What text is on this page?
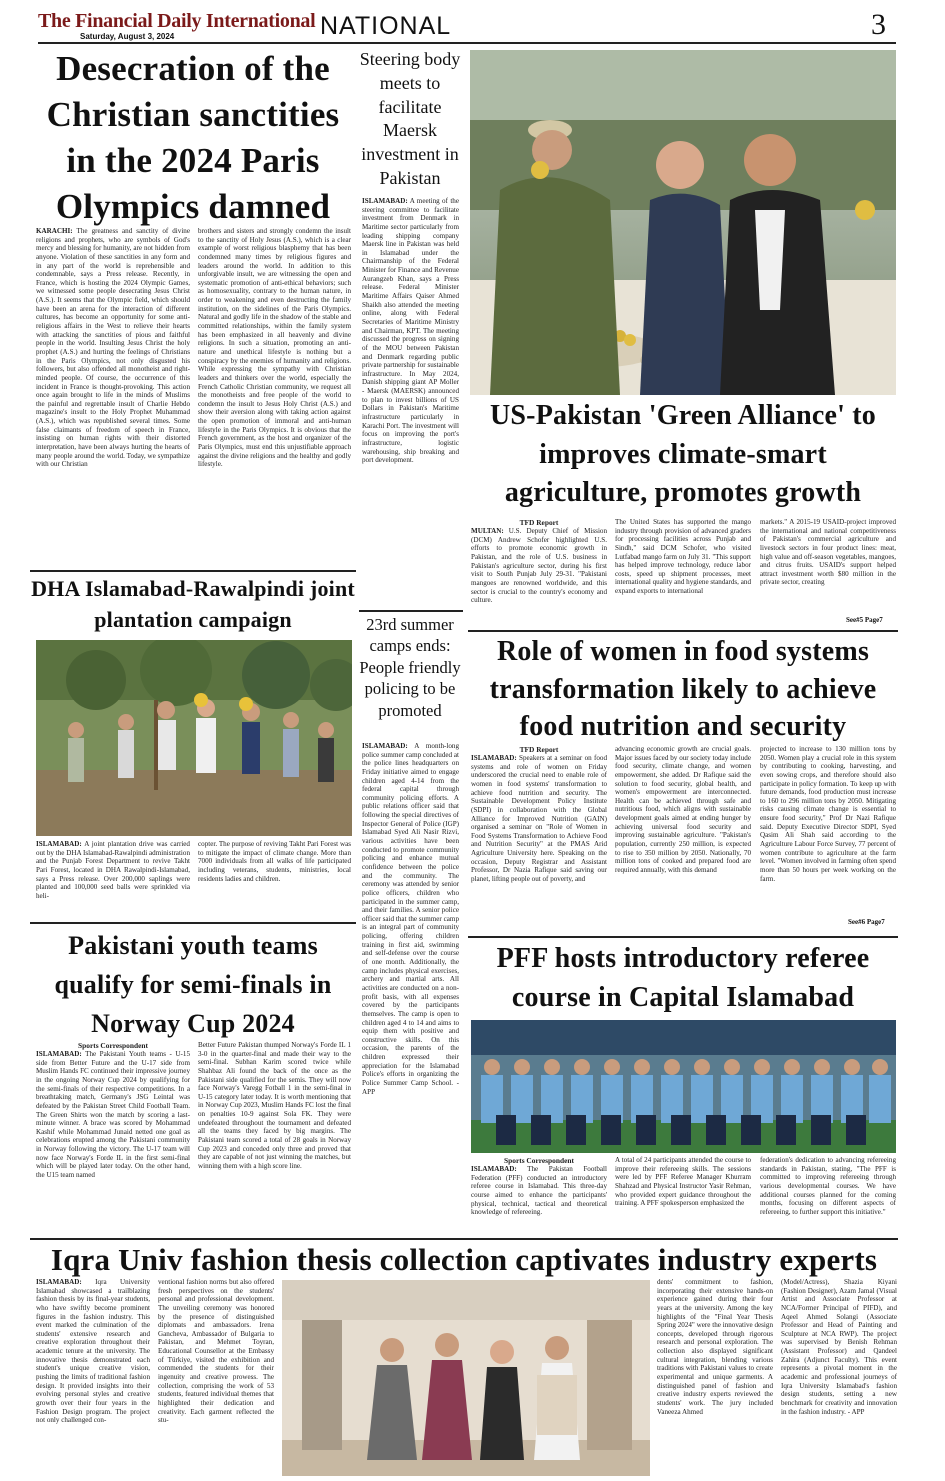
The Financial Daily International
Saturday, August 3, 2024	NATIONAL	3
Desecration of the Christian sanctities in the 2024 Paris Olympics damned
KARACHI: The greatness and sanctity of divine religions and prophets, who are symbols of God's mercy and blessing for humanity, are not hidden from anyone. Violation of these sanctities in any form and in any part of the world is reprehensible and condemnable, says a Press release. Recently, in France, which is hosting the 2024 Olympic Games, we witnessed some people desecrating Jesus Christ (A.S.). It seems that the Olympic field, which should have been an arena for the interaction of different cultures, has become an opportunity for some anti-religious affairs in the West to relieve their hearts with attacking the sanctities of pious and faithful people in the world. Insulting Jesus Christ the holy prophet (A.S.) and hurting the feelings of Christians in the Paris Olympics, not only disgusted his followers, but also offended all monotheist and right-minded people. Of course, the occurrence of this incident in France is thought-provoking. This action once again brought to life in the minds of Muslims the painful and regrettable insult of Charlie Hebdo magazine's insult to the Holy Prophet Muhammad (A.S.), which was republished several times. Some false claimants of freedom of speech in France, insisting on human rights with their distorted interpretation, have been always hurting the hearts of many people around the world. Today, we sympathize with our Christian
brothers and sisters and strongly condemn the insult to the sanctity of Holy Jesus (A.S.), which is a clear example of worst religious blasphemy that has been condemned many times by religious figures and leaders around the world. In addition to this unforgivable insult, we are witnessing the open and systematic promotion of anti-ethical behaviors; such as homosexuality, contrary to the human nature, in order to weakening and even destructing the family institution, on the sidelines of the Paris Olympics. Natural and godly life in the shadow of the stable and committed relationships, within the family system has been emphasized in all heavenly and divine religions. In such a situation, promoting an anti-nature and unethical lifestyle is nothing but a conspiracy by the enemies of humanity and religions. While expressing the sympathy with Christian leaders and thinkers over the world, especially the French Catholic Christian community, we request all the monotheists and free people of the world to condemn the insult to Jesus Holy Christ (A.S.) and show their aversion along with taking action against the open promotion of immoral and anti-human lifestyle in the Paris Olympics. It is obvious that the French government, as the host and organizer of the Paris Olympics, must end this unjustifiable approach against the divine religions and the healthy and godly lifestyle.
Steering body meets to facilitate Maersk investment in Pakistan
ISLAMABAD: A meeting of the steering committee to facilitate investment from Denmark in Maritime sector particularly from leading shipping company Maersk line in Pakistan was held in Islamabad under the Chairmanship of the Federal Minister for Finance and Revenue Aurangzeb Khan, says a Press release. Federal Minister Maritime Affairs Qaiser Ahmed Shaikh also attended the meeting online, along with Federal Secretaries of Maritime Ministry and Chairman, KPT. The meeting discussed the progress on signing of the MOU between Pakistan and Denmark regarding public private partnership for sustainable infrastructure. In May 2024, Danish shipping giant AP Moller - Maersk (MAERSK) announced to plan to invest billions of US Dollars in Pakistan's Maritime infrastructure particularly in Karachi Port. The investment will focus on improving the port's infrastructure, logistic warehousing, ship breaking and port development.
23rd summer camps ends: People friendly policing to be promoted
ISLAMABAD: A month-long police summer camp concluded at the police lines headquarters on Friday initiative aimed to engage children aged 4-14 from the federal capital through community policing efforts. A public relations officer said that following the special directives of Inspector General of Police (IGP) Islamabad Syed Ali Nasir Rizvi, various activities have been conducted to promote community policing and enhance mutual confidence between the police and the community. The ceremony was attended by senior police officers, children who participated in the summer camp, and their families. A senior police officer said that the summer camp is an integral part of community policing, offering children training in first aid, swimming and self-defense over the course of one month. Additionally, the camp includes physical exercises, archery and martial arts. All activities are conducted on a non-profit basis, with all expenses covered by the participants themselves. The camp is open to children aged 4 to 14 and aims to equip them with positive and constructive skills. On this occasion, the parents of the children expressed their appreciation for the Islamabad Police's efforts in organizing the Police Summer Camp School. - APP
US-Pakistan 'Green Alliance' to improves climate-smart agriculture, promotes growth
TFD Report
MULTAN: U.S. Deputy Chief of Mission (DCM) Andrew Schofer highlighted U.S. efforts to promote economic growth in Pakistan, and the role of U.S. business in Pakistan's agriculture sector, during his first visit to South Punjab July 29-31. "Pakistani mangoes are renowned worldwide, and this sector is crucial to the country's economy and culture.
The United States has supported the mango industry through provision of advanced graders for processing facilities across Punjab and Sindh," said DCM Schofer, who visited Lutfabad mango farm on July 31. "This support has helped improve technology, reduce labor costs, speed up shipment processes, meet international quality and hygiene standards, and expand exports to international
markets." A 2015-19 USAID-project improved the international and national competitiveness of Pakistan's commercial agriculture and livestock sectors in four product lines: meat, high value and off-season vegetables, mangoes, and citrus fruits. USAID's support helped attract investment worth $80 million in the private sector, creating
See#5 Page7
DHA Islamabad-Rawalpindi joint plantation campaign
ISLAMABAD: A joint plantation drive was carried out by the DHA Islamabad-Rawalpindi administration and the Punjab Forest Department to revive Takht Pari Forest, located in DHA Rawalpindi-Islamabad, says a Press release. Over 200,000 saplings were planted and 100,000 seed balls were sprinkled via heli-
copter. The purpose of reviving Takht Pari Forest was to mitigate the impact of climate change. More than 7000 individuals from all walks of life participated including veterans, students, ministries, local residents ladies and children.
Role of women in food systems transformation likely to achieve food nutrition and security
TFD Report
ISLAMABAD: Speakers at a seminar on food systems and role of women on Friday underscored the crucial need to enable role of women in food systems' transformation to achieve food nutrition and security. The Sustainable Development Policy Institute (SDPI) in collaboration with the Global Alliance for Improved Nutrition (GAIN) organised a seminar on "Role of Women in Food Systems Transformation to Achieve Food and Nutrition Security" at the PMAS Arid Agriculture University here. Speaking on the occasion, Deputy Registrar and Assistant Professor, Dr Nazia Rafique said saving our planet, lifting people out of poverty, and
advancing economic growth are crucial goals. Major issues faced by our society today include food security, climate change, and women empowerment, she added. Dr Rafique said the solution to food security, global health, and women's empowerment are interconnected. Health can be achieved through safe and nutritious food, which aligns with sustainable development goals aimed at ending hunger by achieving universal food security and improving sustainable agriculture. "Pakistan's population, currently 250 million, is expected to rise to 350 million by 2050. Nationally, 70 million tons of cooked and prepared food are required annually, with this demand
projected to increase to 130 million tons by 2050. Women play a crucial role in this system by contributing to cooking, harvesting, and even sowing crops, and therefore should also participate in policy formation. To keep up with future demands, food production must increase to 160 to 296 million tons by 2050. Mitigating risks causing climate change is essential to ensure food security," Prof Dr Nazi Rafique said. Deputy Executive Director SDPI, Syed Qasim Ali Shah said according to the Agriculture Labour Force Survey, 77 percent of women contribute to agriculture at the farm level. "Women involved in farming often spend more than 50 hours per week working on the farm.
See#6 Page7
Pakistani youth teams qualify for semi-finals in Norway Cup 2024
Sports Correspondent
ISLAMABAD: The Pakistani Youth teams - U-15 side from Better Future and the U-17 side from Muslim Hands FC continued their impressive journey in the ongoing Norway Cup 2024 by qualifying for the semi-finals of their respective competitions. In a breathtaking match, Germany's JSG Leintal was defeated by the Pakistan Street Child Football Team. The Green Shirts won the match by scoring a last-minute winner. A brace was scored by Mohammad Kashif while Mohammad Junaid netted one goal as celebrations erupted among the Pakistani community in Norway following the victory. The U-17 team will now face Norway's Forde IL in the first semi-final which will be played later today. On the other hand, the U15 team named
Better Future Pakistan thumped Norway's Forde IL 1 3-0 in the quarter-final and made their way to the semi-final. Subhan Karim scored twice while Shahbaz Ali found the back of the once as the Pakistani side qualified for the semis. They will now face Norway's Varegg Fotball 1 in the semi-final in U-15 category later today. It is worth mentioning that in Norway Cup 2023, Muslim Hands FC lost the final on penalties 10-9 against Sola FK. They were undefeated throughout the tournament and defeated all the teams they faced by big margins. The Pakistani team scored a total of 28 goals in Norway Cup 2023 and conceded only three and proved that they are capable of not just winning the matches, but winning them with a high score line.
PFF hosts introductory referee course in Capital Islamabad
Sports Correspondent
ISLAMABAD: The Pakistan Football Federation (PFF) conducted an introductory referee course in Islamabad. This three-day course aimed to enhance the participants' physical, technical, tactical and theoretical knowledge of refereeing.
A total of 24 participants attended the course to improve their refereeing skills. The sessions were led by PFF Referee Manager Khurram Shahzad and Physical Instructor Yasir Rehman, who provided expert guidance throughout the training. A PFF spokesperson emphasized the
federation's dedication to advancing refereeing standards in Pakistan, stating, "The PFF is committed to improving refereeing through various developmental courses. We have additional courses planned for the coming months, focusing on different aspects of refereeing, to further support this initiative."
Iqra Univ fashion thesis collection captivates industry experts
ISLAMABAD: Iqra University Islamabad showcased a trailblazing fashion thesis by its final-year students, who have swiftly become prominent figures in the fashion industry. This event marked the culmination of the students' extensive research and creative exploration throughout their academic tenure at the university. The innovative thesis demonstrated each student's unique creative vision, pushing the limits of traditional fashion design. It provided insights into their evolving personal styles and creative growth over their four years in the Fashion Design program. The project not only challenged con-
ventional fashion norms but also offered fresh perspectives on the students' personal and professional development. The unveiling ceremony was honored by the presence of distinguished diplomats and ambassadors. Irena Gancheva, Ambassador of Bulgaria to Pakistan, and Mehmet Toyran, Educational Counsellor at the Embassy of Türkiye, visited the exhibition and commended the students for their ingenuity and creative prowess. The collection, comprising the work of 53 students, featured individual themes that highlighted their dedication and creativity. Each garment reflected the stu-
dents' commitment to fashion, incorporating their extensive hands-on experience gained during their four years at the university. Among the key highlights of the "Final Year Thesis Spring 2024" were the innovative design concepts, developed through rigorous research and personal exploration. The collection also displayed significant cultural integration, blending various traditions with Pakistani values to create experimental and unique garments. A distinguished panel of fashion and creative industry experts reviewed the students' work. The jury included Vaneeza Ahmed
(Model/Actress), Shazia Kiyani (Fashion Designer), Azam Jamal (Visual Artist and Associate Professor at NCA/Former Principal of PIFD), and Aqeel Ahmed Solangi (Associate Professor and Head of Painting and Sculpture at NCA RWP). The project was supervised by Benish Rehman (Assistant Professor) and Qandeel Zahira (Adjunct Faculty). This event represents a pivotal moment in the academic and professional journeys of Iqra University Islamabad's fashion design students, setting a new benchmark for creativity and innovation in the fashion industry. - APP
